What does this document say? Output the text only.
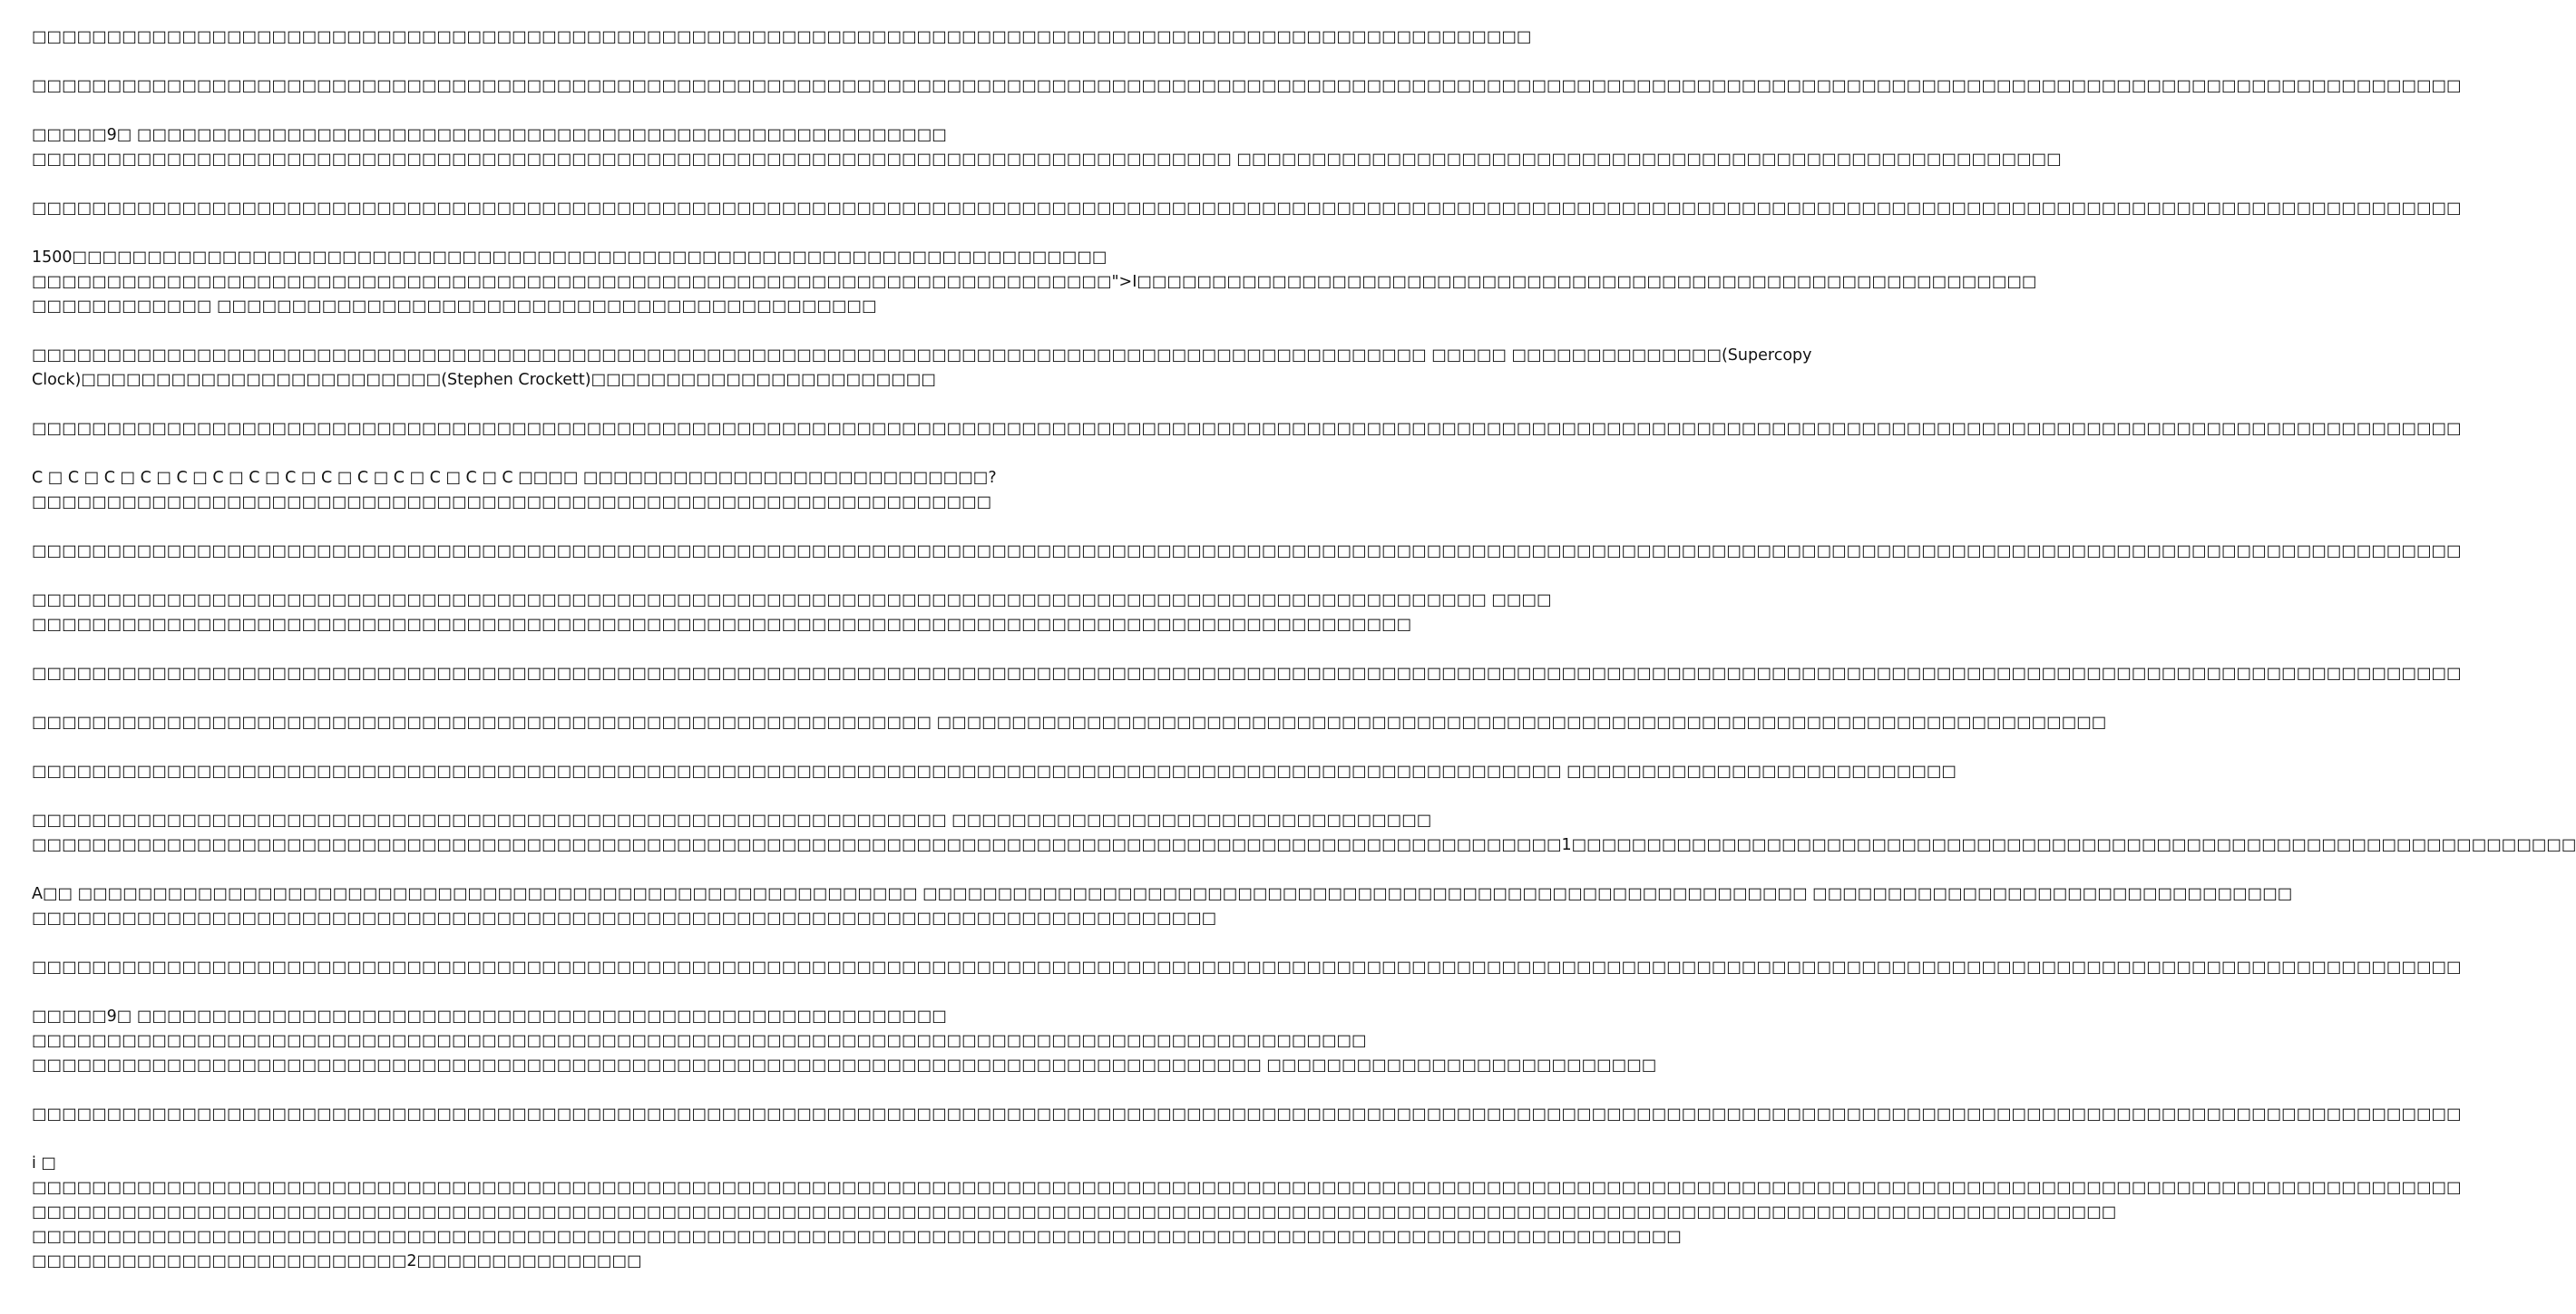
□□□□□□□□□□□□□□□□□□□□□□□□□□□□□□□□□□□□□□□□□□□□□□□□□□□□□□□□□□□□□□□□□□□□□□□□□□□□□□□□□□□□□□□□□□□□□□□□□□□□
□□□□□□□□□□□□□□□□□□□□□□□□□□□□□□□□□□□□□□□□□□□□□□□□□□□□□□□□□□□□□□□□□□□□□□□□□□□□□□□□□□□□□□□□□□□□□□□□□□□□□□□□□□□□□□□□□□□□□□□□□□□□□□□□□□□□□□□□□□□□□□□□□□□□□□□□□□□□□□□□□□
□□□□□9□ □□□□□□□□□□□□□□□□□□□□□□□□□□□□□□□□□□□□□□□□□□□□□□□□□□□□□□
□□□□□□□□□□□□□□□□□□□□□□□□□□□□□□□□□□□□□□□□□□□□□□□□□□□□□□□□□□□□□□□□□□□□□□□□□□□□□□□□ □□□□□□□□□□□□□□□□□□□□□□□□□□□□□□□□□□□□□□□□□□□□□□□□□□□□□□□
□□□□□□□□□□□□□□□□□□□□□□□□□□□□□□□□□□□□□□□□□□□□□□□□□□□□□□□□□□□□□□□□□□□□□□□□□□□□□□□□□□□□□□□□□□□□□□□□□□□□□□□□□□□□□□□□□□□□□□□□□□□□□□□□□□□□□□□□□□□□□□□□□□□□□□□□□□□□□□□□□□
1500□□□□□□□□□□□□□□□□□□□□□□□□□□□□□□□□□□□□□□□□□□□□□□□□□□□□□□□□□□□□□□□□□□□□□
□□□□□□□□□□□□□□□□□□□□□□□□□□□□□□□□□□□□□□□□□□□□□□□□□□□□□□□□□□□□□□□□□□□□□□□□">I□□□□□□□□□□□□□□□□□□□□□□□□□□□□□□□□□□□□□□□□□□□□□□□□□□□□□□□□□□□□
□□□□□□□□□□□□ □□□□□□□□□□□□□□□□□□□□□□□□□□□□□□□□□□□□□□□□□□□□
□□□□□□□□□□□□□□□□□□□□□□□□□□□□□□□□□□□□□□□□□□□□□□□□□□□□□□□□□□□□□□□□□□□□□□□□□□□□□□□□□□□□□□□□□□□□□ □□□□□ □□□□□□□□□□□□□□(Supercopy
Clock)□□□□□□□□□□□□□□□□□□□□□□□□(Stephen Crockett)□□□□□□□□□□□□□□□□□□□□□□□
□□□□□□□□□□□□□□□□□□□□□□□□□□□□□□□□□□□□□□□□□□□□□□□□□□□□□□□□□□□□□□□□□□□□□□□□□□□□□□□□□□□□□□□□□□□□□□□□□□□□□□□□□□□□□□□□□□□□□□□□□□□□□□□□□□□□□□□□□□□□□□□□□□□□□□□□□□□□□□□□□□
C □ C □ C □ C □ C □ C □ C □ C □ C □ C □ C □ C □ C □ C □□□□ □□□□□□□□□□□□□□□□□□□□□□□□□□□?
□□□□□□□□□□□□□□□□□□□□□□□□□□□□□□□□□□□□□□□□□□□□□□□□□□□□□□□□□□□□□□□□
□□□□□□□□□□□□□□□□□□□□□□□□□□□□□□□□□□□□□□□□□□□□□□□□□□□□□□□□□□□□□□□□□□□□□□□□□□□□□□□□□□□□□□□□□□□□□□□□□□□□□□□□□□□□□□□□□□□□□□□□□□□□□□□□□□□□□□□□□□□□□□□□□□□□□□□□□□□□□□□□□□
□□□□□□□□□□□□□□□□□□□□□□□□□□□□□□□□□□□□□□□□□□□□□□□□□□□□□□□□□□□□□□□□□□□□□□□□□□□□□□□□□□□□□□□□□□□□□□□□□ □□□□
□□□□□□□□□□□□□□□□□□□□□□□□□□□□□□□□□□□□□□□□□□□□□□□□□□□□□□□□□□□□□□□□□□□□□□□□□□□□□□□□□□□□□□□□□□□□
□□□□□□□□□□□□□□□□□□□□□□□□□□□□□□□□□□□□□□□□□□□□□□□□□□□□□□□□□□□□□□□□□□□□□□□□□□□□□□□□□□□□□□□□□□□□□□□□□□□□□□□□□□□□□□□□□□□□□□□□□□□□□□□□□□□□□□□□□□□□□□□□□□□□□□□□□□□□□□□□□□
□□□□□□□□□□□□□□□□□□□□□□□□□□□□□□□□□□□□□□□□□□□□□□□□□□□□□□□□□□□□ □□□□□□□□□□□□□□□□□□□□□□□□□□□□□□□□□□□□□□□□□□□□□□□□□□□□□□□□□□□□□□□□□□□□□□□□□□□□□□
□□□□□□□□□□□□□□□□□□□□□□□□□□□□□□□□□□□□□□□□□□□□□□□□□□□□□□□□□□□□□□□□□□□□□□□□□□□□□□□□□□□□□□□□□□□□□□□□□□□□□□ □□□□□□□□□□□□□□□□□□□□□□□□□□
□□□□□□□□□□□□□□□□□□□□□□□□□□□□□□□□□□□□□□□□□□□□□□□□□□□□□□□□□□□□□ □□□□□□□□□□□□□□□□□□□□□□□□□□□□□□□□
□□□□□□□□□□□□□□□□□□□□□□□□□□□□□□□□□□□□□□□□□□□□□□□□□□□□□□□□□□□□□□□□□□□□□□□□□□□□□□□□□□□□□□□□□□□□□□□□□□□□□□1□□□□□□□□□□□□□□□□□□□□□□□□□□□□□□□□□□□□□□□□□□□□□□□□□□□□□□□□□□□□□□□□□□□
A□□ □□□□□□□□□□□□□□□□□□□□□□□□□□□□□□□□□□□□□□□□□□□□□□□□□□□□□□□□ □□□□□□□□□□□□□□□□□□□□□□□□□□□□□□□□□□□□□□□□□□□□□□□□□□□□□□□□□□□ □□□□□□□□□□□□□□□□□□□□□□□□□□□□□□□□
□□□□□□□□□□□□□□□□□□□□□□□□□□□□□□□□□□□□□□□□□□□□□□□□□□□□□□□□□□□□□□□□□□□□□□□□□□□□□□□
□□□□□□□□□□□□□□□□□□□□□□□□□□□□□□□□□□□□□□□□□□□□□□□□□□□□□□□□□□□□□□□□□□□□□□□□□□□□□□□□□□□□□□□□□□□□□□□□□□□□□□□□□□□□□□□□□□□□□□□□□□□□□□□□□□□□□□□□□□□□□□□□□□□□□□□□□□□□□□□□□□
□□□□□9□ □□□□□□□□□□□□□□□□□□□□□□□□□□□□□□□□□□□□□□□□□□□□□□□□□□□□□□
□□□□□□□□□□□□□□□□□□□□□□□□□□□□□□□□□□□□□□□□□□□□□□□□□□□□□□□□□□□□□□□□□□□□□□□□□□□□□□□□□□□□□□□□□
□□□□□□□□□□□□□□□□□□□□□□□□□□□□□□□□□□□□□□□□□□□□□□□□□□□□□□□□□□□□□□□□□□□□□□□□□□□□□□□□□□ □□□□□□□□□□□□□□□□□□□□□□□□□□
□□□□□□□□□□□□□□□□□□□□□□□□□□□□□□□□□□□□□□□□□□□□□□□□□□□□□□□□□□□□□□□□□□□□□□□□□□□□□□□□□□□□□□□□□□□□□□□□□□□□□□□□□□□□□□□□□□□□□□□□□□□□□□□□□□□□□□□□□□□□□□□□□□□□□□□□□□□□□□□□□□
i □
□□□□□□□□□□□□□□□□□□□□□□□□□□□□□□□□□□□□□□□□□□□□□□□□□□□□□□□□□□□□□□□□□□□□□□□□□□□□□□□□□□□□□□□□□□□□□□□□□□□□□□□□□□□□□□□□□□□□□□□□□□□□□□□□□□□□□□□□□□□□□□□□□□□□□□□□□□□□□□□□□□
□□□□□□□□□□□□□□□□□□□□□□□□□□□□□□□□□□□□□□□□□□□□□□□□□□□□□□□□□□□□□□□□□□□□□□□□□□□□□□□□□□□□□□□□□□□□□□□□□□□□□□□□□□□□□□□□□□□□□□□□□□□□□□□□□□□□□□□□□□□
□□□□□□□□□□□□□□□□□□□□□□□□□□□□□□□□□□□□□□□□□□□□□□□□□□□□□□□□□□□□□□□□□□□□□□□□□□□□□□□□□□□□□□□□□□□□□□□□□□□□□□□□□□□□□□
□□□□□□□□□□□□□□□□□□□□□□□□□2□□□□□□□□□□□□□□□
